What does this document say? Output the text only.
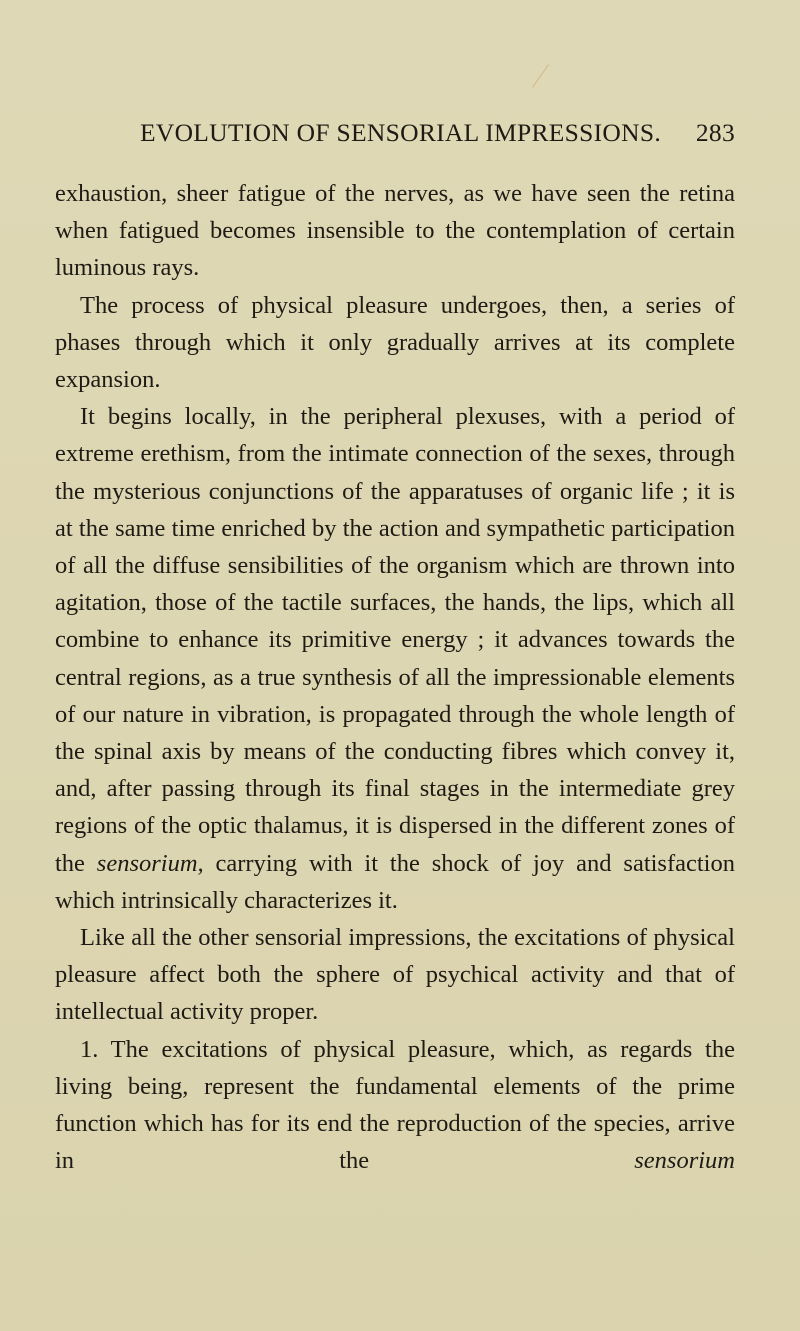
EVOLUTION OF SENSORIAL IMPRESSIONS. 283

exhaustion, sheer fatigue of the nerves, as we have seen the retina when fatigued becomes insensible to the contemplation of certain luminous rays.

The process of physical pleasure undergoes, then, a series of phases through which it only gradually arrives at its complete expansion.

It begins locally, in the peripheral plexuses, with a period of extreme erethism, from the intimate connection of the sexes, through the mysterious conjunctions of the apparatuses of organic life ; it is at the same time enriched by the action and sympathetic participation of all the diffuse sensibilities of the organism which are thrown into agitation, those of the tactile surfaces, the hands, the lips, which all combine to enhance its primitive energy ; it advances towards the central regions, as a true synthesis of all the impressionable elements of our nature in vibration, is propagated through the whole length of the spinal axis by means of the conducting fibres which convey it, and, after passing through its final stages in the intermediate grey regions of the optic thalamus, it is dispersed in the different zones of the sensorium, carrying with it the shock of joy and satisfaction which intrinsically characterizes it.

Like all the other sensorial impressions, the excitations of physical pleasure affect both the sphere of psychical activity and that of intellectual activity proper.

1. The excitations of physical pleasure, which, as regards the living being, represent the fundamental elements of the prime function which has for its end the reproduction of the species, arrive in the sensorium
